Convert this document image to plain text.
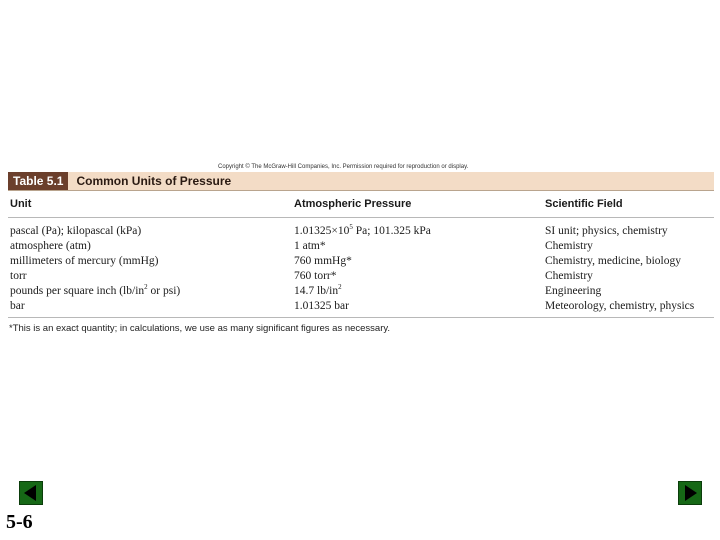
Copyright © The McGraw-Hill Companies, Inc. Permission required for reproduction or display.
Table 5.1	Common Units of Pressure
Unit	Atmospheric Pressure	Scientific Field
pascal (Pa); kilopascal (kPa)	$1.01325\times 10^5$ Pa; 101.325 kPa	SI unit; physics, chemistry
atmosphere (atm)	1 atm*	Chemistry
millimeters of mercury (mmHg)	760 mmHg*	Chemistry, medicine, biology
torr	760 torr*	Chemistry
pounds per square inch ($lb/in^2$ or psi)	14.7 $lb/in^2$	Engineering
bar	1.01325 bar	Meteorology, chemistry, physics
*This is an exact quantity; in calculations, we use as many significant figures as necessary.
5-6
